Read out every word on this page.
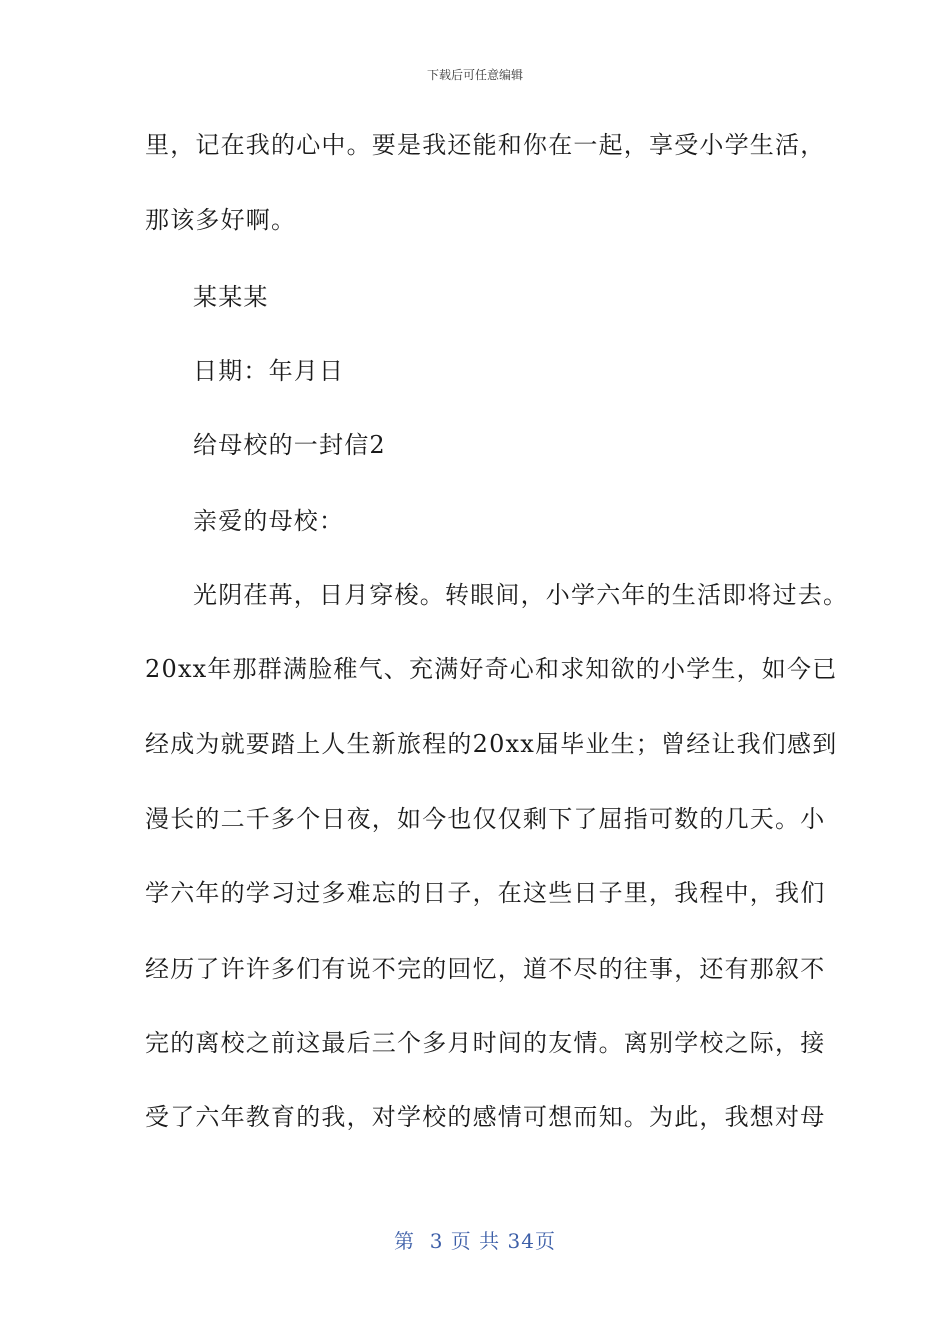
下载后可任意编辑
里，记在我的心中。要是我还能和你在一起，享受小学生活，
那该多好啊。
某某某
日期：年月日
给母校的一封信2
亲爱的母校：
光阴荏苒，日月穿梭。转眼间，小学六年的生活即将过去。
20xx年那群满脸稚气、充满好奇心和求知欲的小学生，如今已
经成为就要踏上人生新旅程的20xx届毕业生；曾经让我们感到
漫长的二千多个日夜，如今也仅仅剩下了屈指可数的几天。小
学六年的学习过多难忘的日子，在这些日子里，我程中，我们
经历了许许多们有说不完的回忆，道不尽的往事，还有那叙不
完的离校之前这最后三个多月时间的友情。离别学校之际，接
受了六年教育的我，对学校的感情可想而知。为此，我想对母
第  3 页 共 34页
